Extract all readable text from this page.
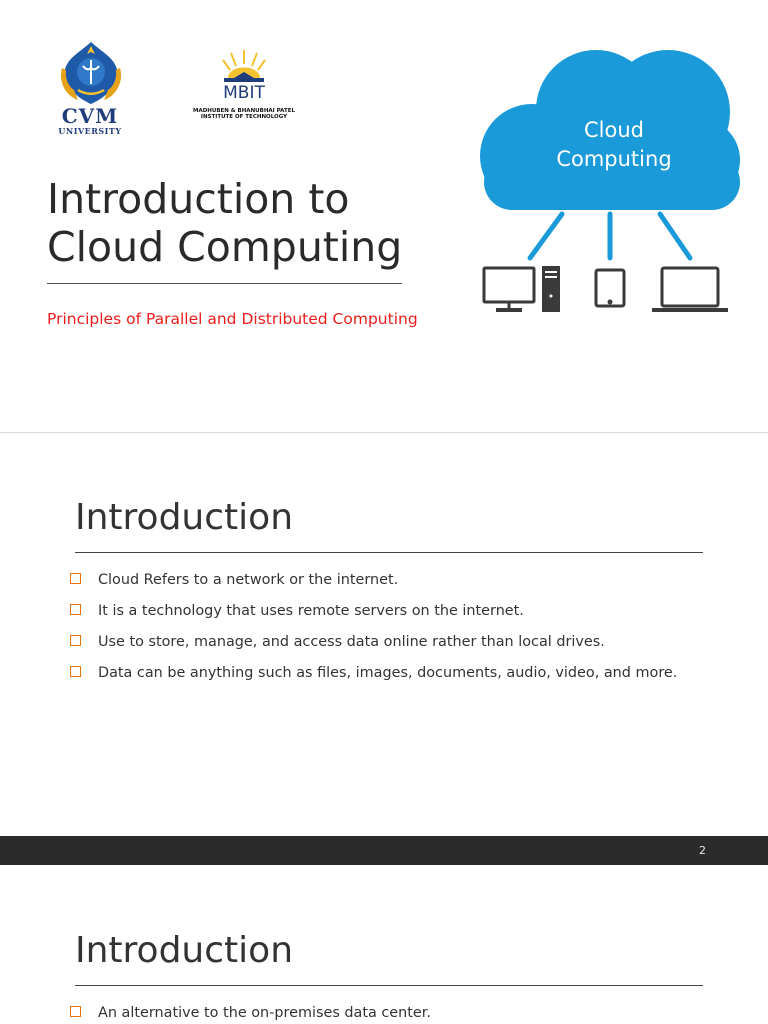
CVM
UNIVERSITY
MBIT
MADHUBEN & BHANUBHAI PATEL
INSTITUTE OF TECHNOLOGY
Introduction to
Cloud Computing
Principles of Parallel and Distributed Computing
Cloud
Computing
Introduction
Cloud Refers to a network or the internet.
It is a technology that uses remote servers on the internet.
Use to store, manage, and access data online rather than local drives.
Data can be anything such as files, images, documents, audio, video, and more.
2
Introduction
An alternative to the on-premises data center.
